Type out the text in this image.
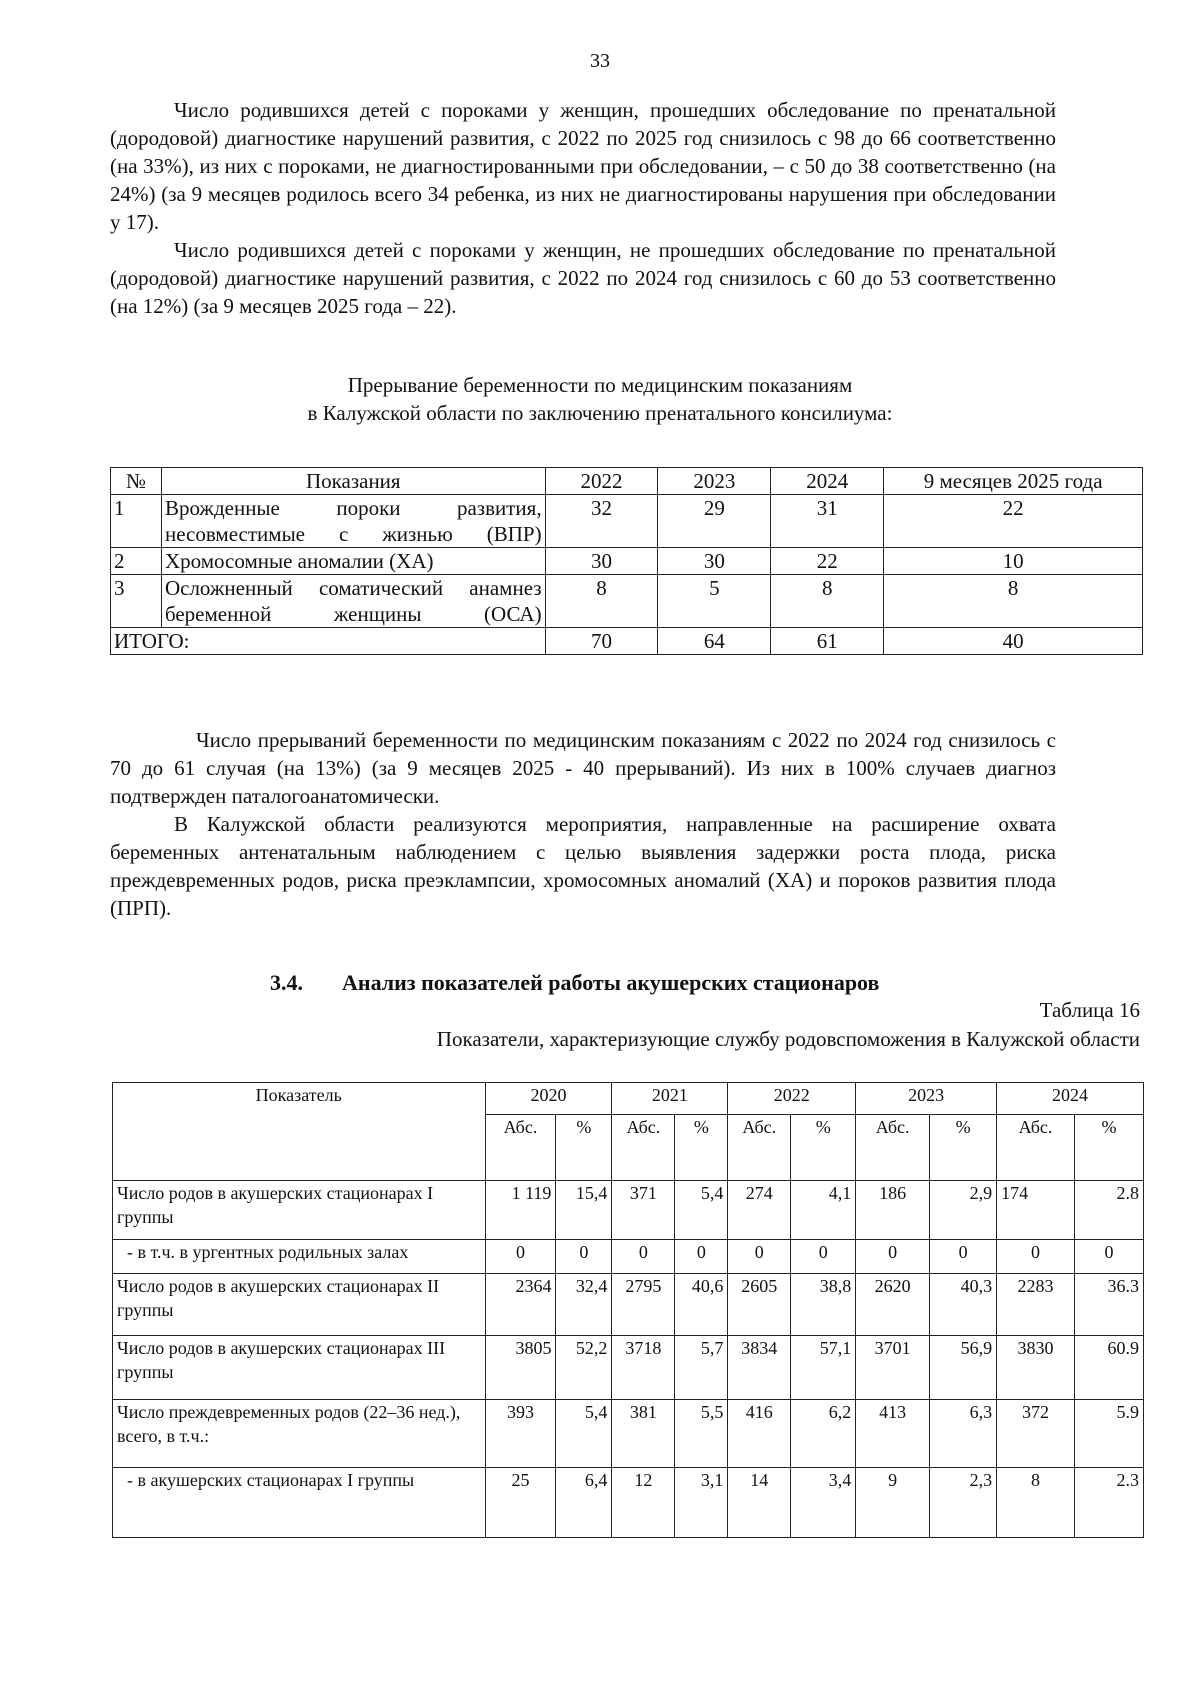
33

Число родившихся детей с пороками у женщин, прошедших обследование по пренатальной (дородовой) диагностике нарушений развития, с 2022 по 2025 год снизилось с 98 до 66 соответственно (на 33%), из них с пороками, не диагностированными при обследовании, – с 50 до 38 соответственно (на 24%) (за 9 месяцев родилось всего 34 ребенка, из них не диагностированы нарушения при обследовании у 17).

Число родившихся детей с пороками у женщин, не прошедших обследование по пренатальной (дородовой) диагностике нарушений развития, с 2022 по 2024 год снизилось с 60 до 53 соответственно (на 12%) (за 9 месяцев 2025 года – 22).

Прерывание беременности по медицинским показаниям
в Калужской области по заключению пренатального консилиума:
№	Показания	2022	2023	2024	9 месяцев 2025 года
1	Врожденные пороки развития, несовместимые с жизнью (ВПР)	32	29	31	22
2	Хромосомные аномалии (ХА)	30	30	22	10
3	Осложненный соматический анамнез беременной женщины (ОСА)	8	5	8	8
ИТОГО:		70	64	61	40

Число прерываний беременности по медицинским показаниям с 2022 по 2024 год снизилось с 70 до 61 случая (на 13%) (за 9 месяцев 2025 - 40 прерываний). Из них в 100% случаев диагноз подтвержден паталогоанатомически.

В Калужской области реализуются мероприятия, направленные на расширение охвата беременных антенатальным наблюдением с целью выявления задержки роста плода, риска преждевременных родов, риска преэклампсии, хромосомных аномалий (ХА) и пороков развития плода (ПРП).

3.4. Анализ показателей работы акушерских стационаров
Таблица 16
Показатели, характеризующие службу родовспоможения в Калужской области
Показатель	2020		2021		2022		2023		2024	
	Абс.	%	Абс.	%	Абс.	%	Абс.	%	Абс.	%
Число родов в акушерских стационарах I группы	1 119	15,4	371	5,4	274	4,1	186	2,9	174	2.8
- в т.ч. в ургентных родильных залах	0	0	0	0	0	0	0	0	0	0
Число родов в акушерских стационарах II группы	2364	32,4	2795	40,6	2605	38,8	2620	40,3	2283	36.3
Число родов в акушерских стационарах III группы	3805	52,2	3718	5,7	3834	57,1	3701	56,9	3830	60.9
Число преждевременных родов (22–36 нед.), всего, в т.ч.:	393	5,4	381	5,5	416	6,2	413	6,3	372	5.9
- в акушерских стационарах I группы	25	6,4	12	3,1	14	3,4	9	2,3	8	2.3
